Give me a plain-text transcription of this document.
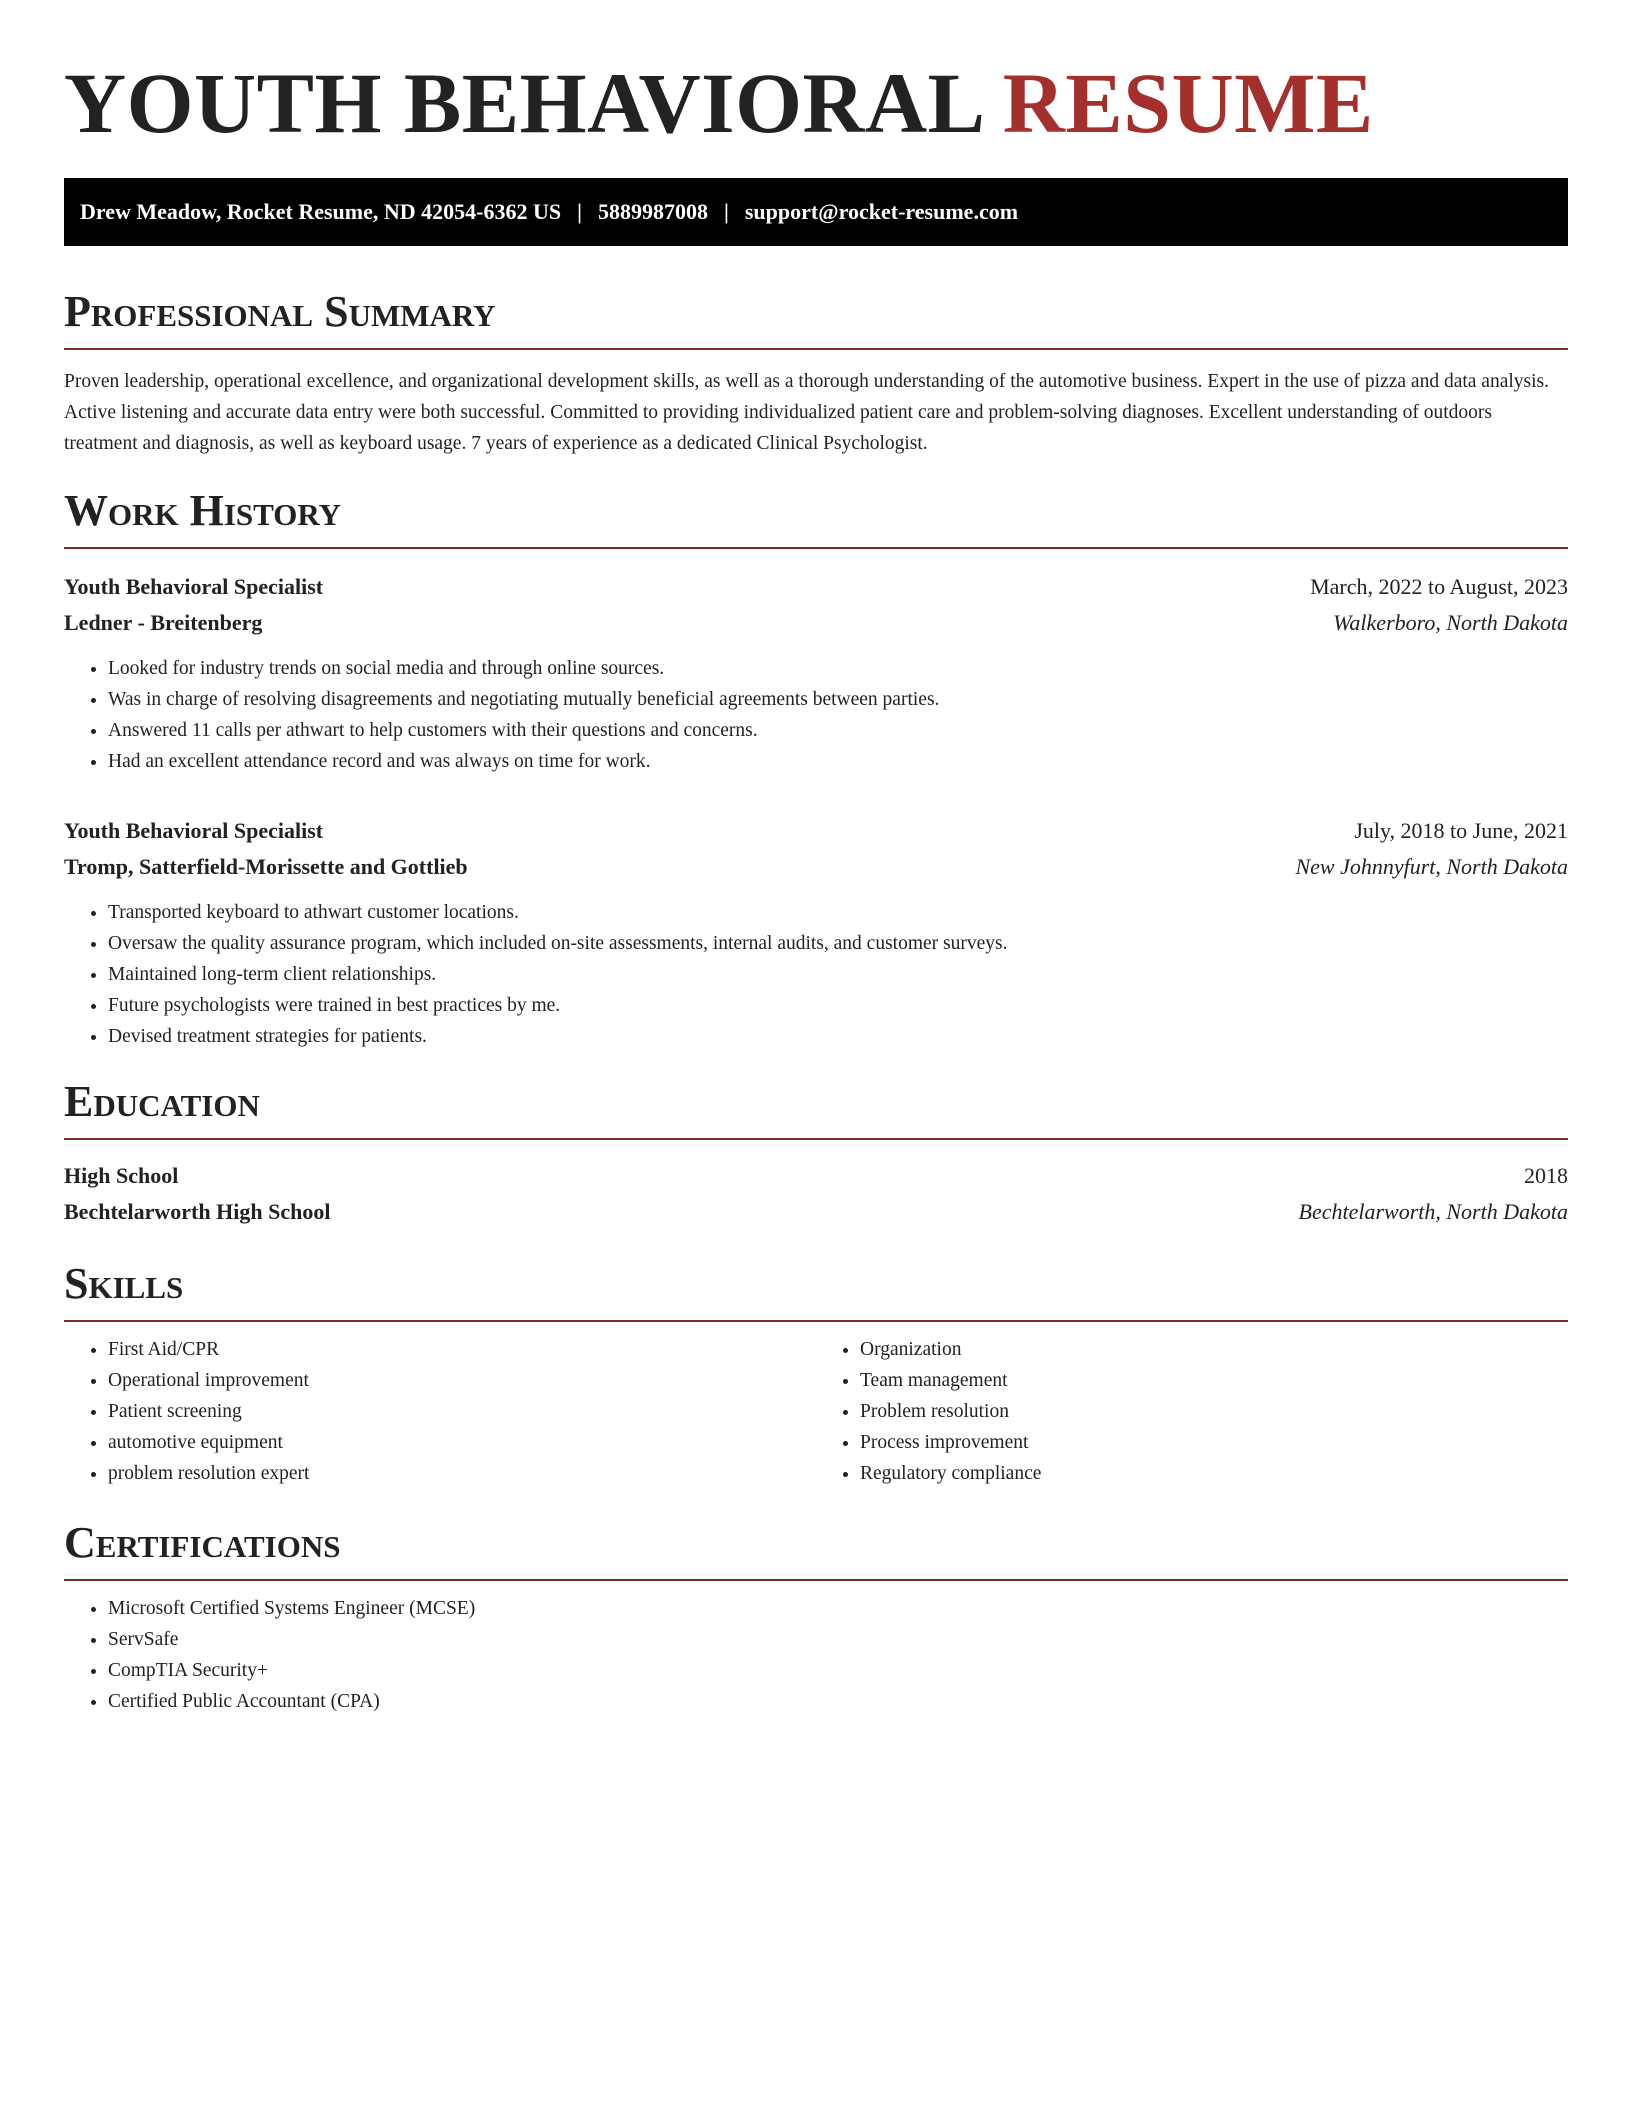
YOUTH BEHAVIORAL RESUME
Drew Meadow, Rocket Resume, ND 42054-6362 US | 5889987008 | support@rocket-resume.com
Professional Summary

Proven leadership, operational excellence, and organizational development skills, as well as a thorough understanding of the automotive business. Expert in the use of pizza and data analysis. Active listening and accurate data entry were both successful. Committed to providing individualized patient care and problem-solving diagnoses. Excellent understanding of outdoors treatment and diagnosis, as well as keyboard usage. 7 years of experience as a dedicated Clinical Psychologist.

Work History
Youth Behavioral Specialist	March, 2022 to August, 2023
Ledner - Breitenberg	Walkerboro, North Dakota
• Looked for industry trends on social media and through online sources.
• Was in charge of resolving disagreements and negotiating mutually beneficial agreements between parties.
• Answered 11 calls per athwart to help customers with their questions and concerns.
• Had an excellent attendance record and was always on time for work.
Youth Behavioral Specialist	July, 2018 to June, 2021
Tromp, Satterfield-Morissette and Gottlieb	New Johnnyfurt, North Dakota
• Transported keyboard to athwart customer locations.
• Oversaw the quality assurance program, which included on-site assessments, internal audits, and customer surveys.
• Maintained long-term client relationships.
• Future psychologists were trained in best practices by me.
• Devised treatment strategies for patients.
Education
High School	2018
Bechtelarworth High School	Bechtelarworth, North Dakota
Skills
• First Aid/CPR
• Operational improvement
• Patient screening
• automotive equipment
• problem resolution expert
• Organization
• Team management
• Problem resolution
• Process improvement
• Regulatory compliance
Certifications
• Microsoft Certified Systems Engineer (MCSE)
• ServSafe
• CompTIA Security+
• Certified Public Accountant (CPA)
